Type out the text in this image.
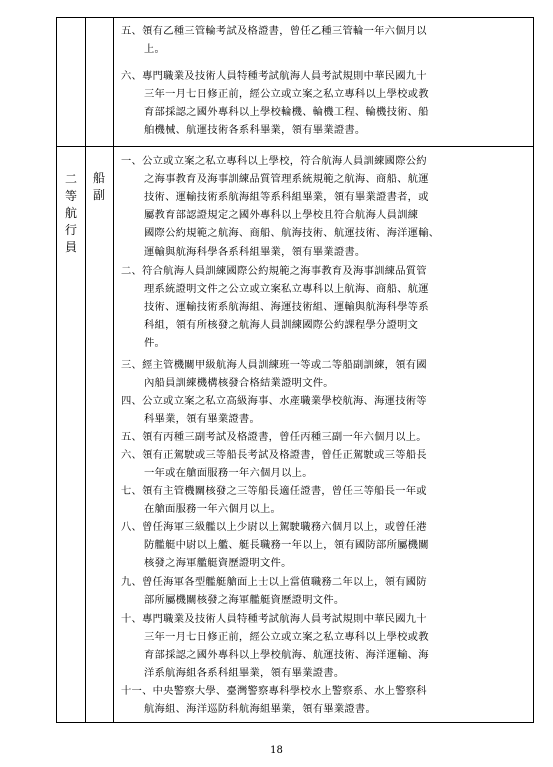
二等航行員
船副
五、領有乙種三管輪考試及格證書，曾任乙種三管輪一年六個月以
上。
六、專門職業及技術人員特種考試航海人員考試規則中華民國九十
三年一月七日修正前，經公立或立案之私立專科以上學校或教
育部採認之國外專科以上學校輪機、輪機工程、輪機技術、船
舶機械、航運技術各系科畢業，領有畢業證書。
一、公立或立案之私立專科以上學校，符合航海人員訓練國際公約
之海事教育及海事訓練品質管理系統規範之航海、商船、航運
技術、運輸技術系航海組等系科組畢業，領有畢業證書者，或
屬教育部認證規定之國外專科以上學校且符合航海人員訓練
國際公約規範之航海、商船、航海技術、航運技術、海洋運輸、
運輸與航海科學各系科組畢業，領有畢業證書。
二、符合航海人員訓練國際公約規範之海事教育及海事訓練品質管
理系統證明文件之公立或立案私立專科以上航海、商船、航運
技術、運輸技術系航海組、海運技術組、運輸與航海科學等系
科組，領有所核發之航海人員訓練國際公約課程學分證明文
件。
三、經主管機關甲級航海人員訓練班一等或二等船副訓練，領有國
內船員訓練機構核發合格結業證明文件。
四、公立或立案之私立高級海事、水產職業學校航海、海運技術等
科畢業，領有畢業證書。
五、領有丙種三副考試及格證書，曾任丙種三副一年六個月以上。
六、領有正駕駛或三等船長考試及格證書，曾任正駕駛或三等船長
一年或在艙面服務一年六個月以上。
七、領有主管機關核發之三等船長適任證書，曾任三等船長一年或
在艙面服務一年六個月以上。
八、曾任海軍三級艦以上少尉以上駕駛職務六個月以上，或曾任港
防艦艇中尉以上艦、艇長職務一年以上，領有國防部所屬機關
核發之海軍艦艇資歷證明文件。
九、曾任海軍各型艦艇艙面上士以上當值職務二年以上，領有國防
部所屬機關核發之海軍艦艇資歷證明文件。
十、專門職業及技術人員特種考試航海人員考試規則中華民國九十
三年一月七日修正前，經公立或立案之私立專科以上學校或教
育部採認之國外專科以上學校航海、航運技術、海洋運輸、海
洋系航海組各系科組畢業，領有畢業證書。
十一、中央警察大學、臺灣警察專科學校水上警察系、水上警察科
航海組、海洋巡防科航海組畢業，領有畢業證書。
18
